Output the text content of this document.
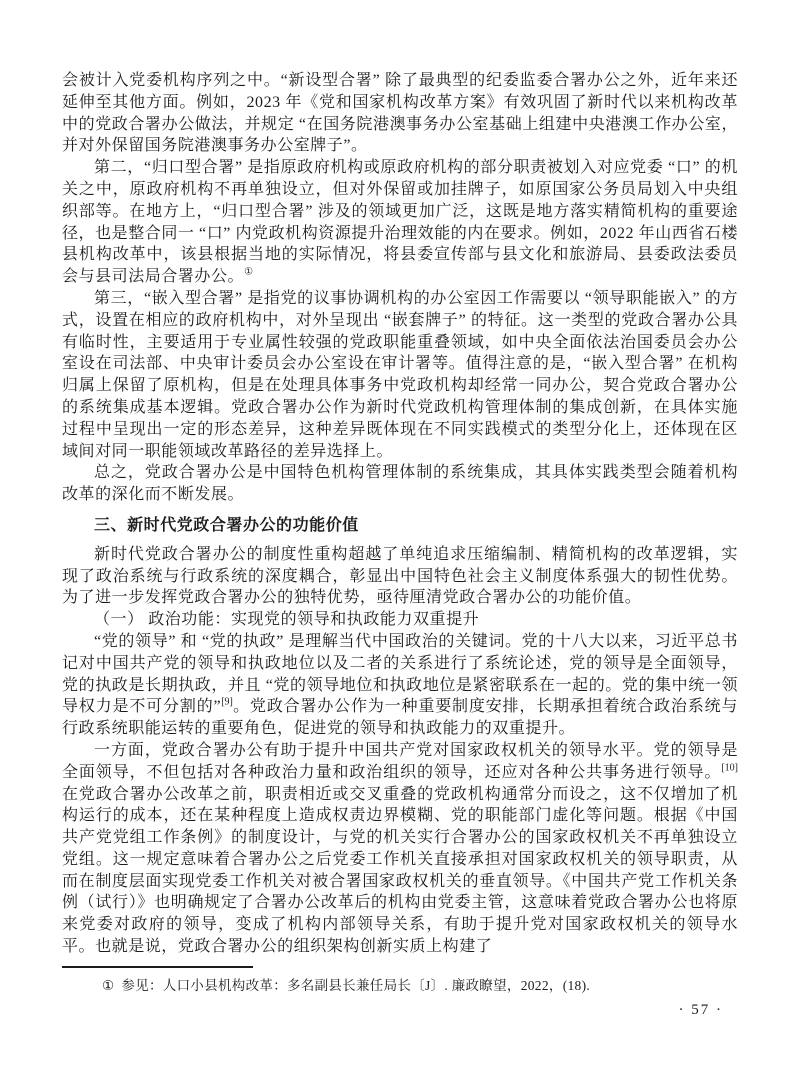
会被计入党委机构序列之中。“新设型合署” 除了最典型的纪委监委合署办公之外，近年来还延伸至其他方面。例如，2023 年《党和国家机构改革方案》有效巩固了新时代以来机构改革中的党政合署办公做法，并规定 “在国务院港澳事务办公室基础上组建中央港澳工作办公室，并对外保留国务院港澳事务办公室牌子”。

第二，“归口型合署” 是指原政府机构或原政府机构的部分职责被划入对应党委 “口” 的机关之中，原政府机构不再单独设立，但对外保留或加挂牌子，如原国家公务员局划入中央组织部等。在地方上，“归口型合署” 涉及的领域更加广泛，这既是地方落实精简机构的重要途径，也是整合同一 “口” 内党政机构资源提升治理效能的内在要求。例如，2022 年山西省石楼县机构改革中，该县根据当地的实际情况，将县委宣传部与县文化和旅游局、县委政法委员会与县司法局合署办公。①

第三，“嵌入型合署” 是指党的议事协调机构的办公室因工作需要以 “领导职能嵌入” 的方式，设置在相应的政府机构中，对外呈现出 “嵌套牌子” 的特征。这一类型的党政合署办公具有临时性，主要适用于专业属性较强的党政职能重叠领域，如中央全面依法治国委员会办公室设在司法部、中央审计委员会办公室设在审计署等。值得注意的是，“嵌入型合署” 在机构归属上保留了原机构，但是在处理具体事务中党政机构却经常一同办公，契合党政合署办公的系统集成基本逻辑。党政合署办公作为新时代党政机构管理体制的集成创新，在具体实施过程中呈现出一定的形态差异，这种差异既体现在不同实践模式的类型分化上，还体现在区域间对同一职能领域改革路径的差异选择上。

总之，党政合署办公是中国特色机构管理体制的系统集成，其具体实践类型会随着机构改革的深化而不断发展。

三、新时代党政合署办公的功能价值

新时代党政合署办公的制度性重构超越了单纯追求压缩编制、精简机构的改革逻辑，实现了政治系统与行政系统的深度耦合，彰显出中国特色社会主义制度体系强大的韧性优势。为了进一步发挥党政合署办公的独特优势，亟待厘清党政合署办公的功能价值。

（一） 政治功能：实现党的领导和执政能力双重提升

“党的领导” 和 “党的执政” 是理解当代中国政治的关键词。党的十八大以来，习近平总书记对中国共产党的领导和执政地位以及二者的关系进行了系统论述，党的领导是全面领导，党的执政是长期执政，并且 “党的领导地位和执政地位是紧密联系在一起的。党的集中统一领导权力是不可分割的”[9]。党政合署办公作为一种重要制度安排，长期承担着统合政治系统与行政系统职能运转的重要角色，促进党的领导和执政能力的双重提升。

一方面，党政合署办公有助于提升中国共产党对国家政权机关的领导水平。党的领导是全面领导，不但包括对各种政治力量和政治组织的领导，还应对各种公共事务进行领导。[10]在党政合署办公改革之前，职责相近或交叉重叠的党政机构通常分而设之，这不仅增加了机构运行的成本，还在某种程度上造成权责边界模糊、党的职能部门虚化等问题。根据《中国共产党党组工作条例》的制度设计，与党的机关实行合署办公的国家政权机关不再单独设立党组。这一规定意味着合署办公之后党委工作机关直接承担对国家政权机关的领导职责，从而在制度层面实现党委工作机关对被合署国家政权机关的垂直领导。《中国共产党工作机关条例（试行）》也明确规定了合署办公改革后的机构由党委主管，这意味着党政合署办公也将原来党委对政府的领导，变成了机构内部领导关系，有助于提升党对国家政权机关的领导水平。也就是说，党政合署办公的组织架构创新实质上构建了

① 参见：人口小县机构改革：多名副县长兼任局长〔J〕. 廉政瞭望，2022，(18).
· 57 ·
